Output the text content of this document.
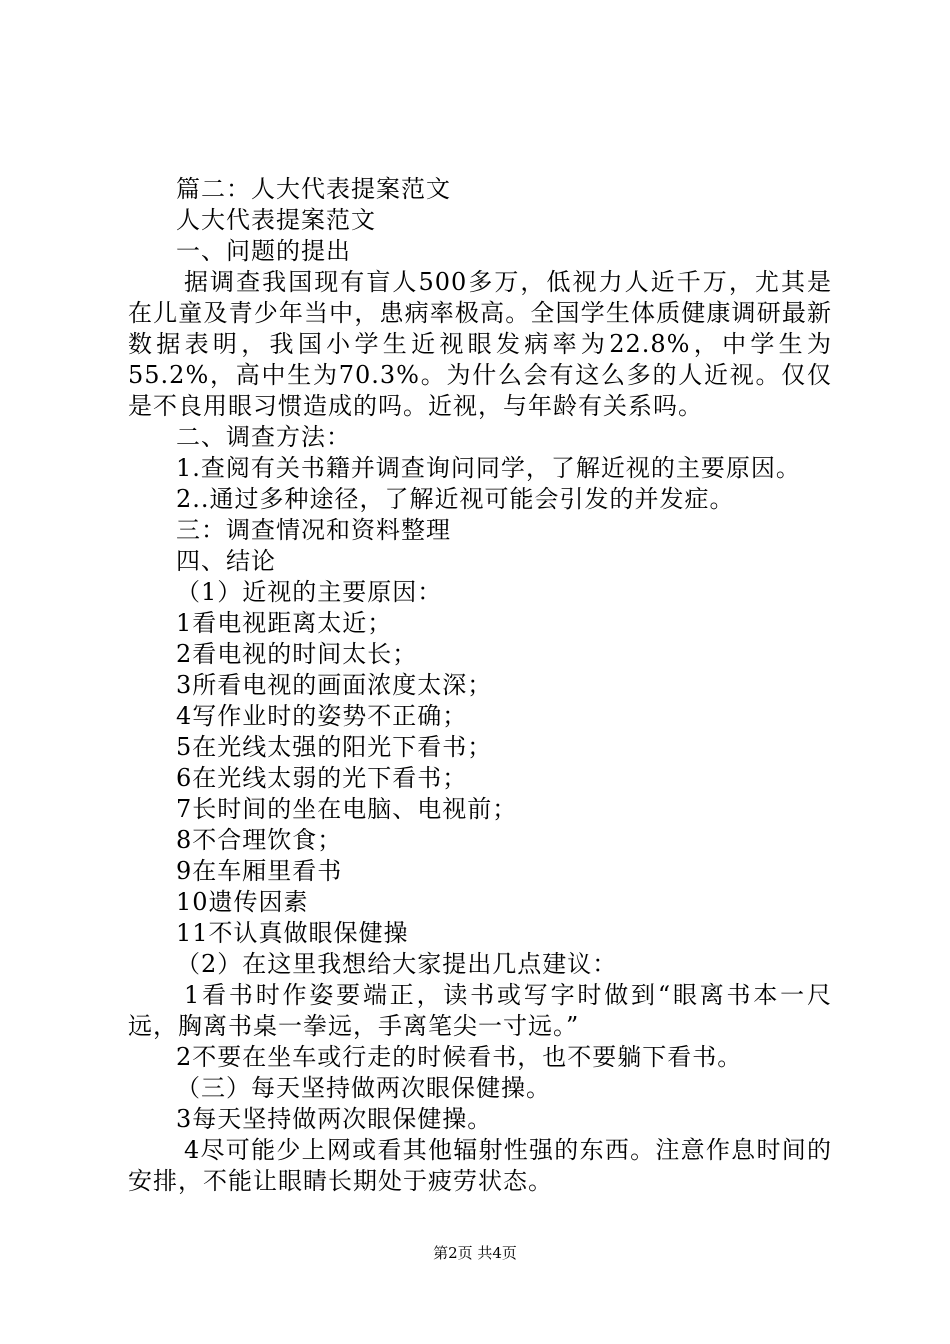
篇二：人大代表提案范文
人大代表提案范文
一、问题的提出
据调查我国现有盲人500多万，低视力人近千万，尤其是在儿童及青少年当中，患病率极高。全国学生体质健康调研最新数据表明，我国小学生近视眼发病率为22.8%，中学生为55.2%，高中生为70.3%。为什么会有这么多的人近视。仅仅是不良用眼习惯造成的吗。近视，与年龄有关系吗。
二、调查方法：
1.查阅有关书籍并调查询问同学，了解近视的主要原因。
2..通过多种途径，了解近视可能会引发的并发症。
三：调查情况和资料整理
四、结论
（1）近视的主要原因：
1看电视距离太近；
2看电视的时间太长；
3所看电视的画面浓度太深；
4写作业时的姿势不正确；
5在光线太强的阳光下看书；
6在光线太弱的光下看书；
7长时间的坐在电脑、电视前；
8不合理饮食；
9在车厢里看书
10遗传因素
11不认真做眼保健操
（2）在这里我想给大家提出几点建议：
1看书时作姿要端正，读书或写字时做到“眼离书本一尺远，胸离书桌一拳远，手离笔尖一寸远。”
2不要在坐车或行走的时候看书，也不要躺下看书。
（三）每天坚持做两次眼保健操。
3每天坚持做两次眼保健操。
4尽可能少上网或看其他辐射性强的东西。注意作息时间的安排，不能让眼睛长期处于疲劳状态。
第2页 共4页
